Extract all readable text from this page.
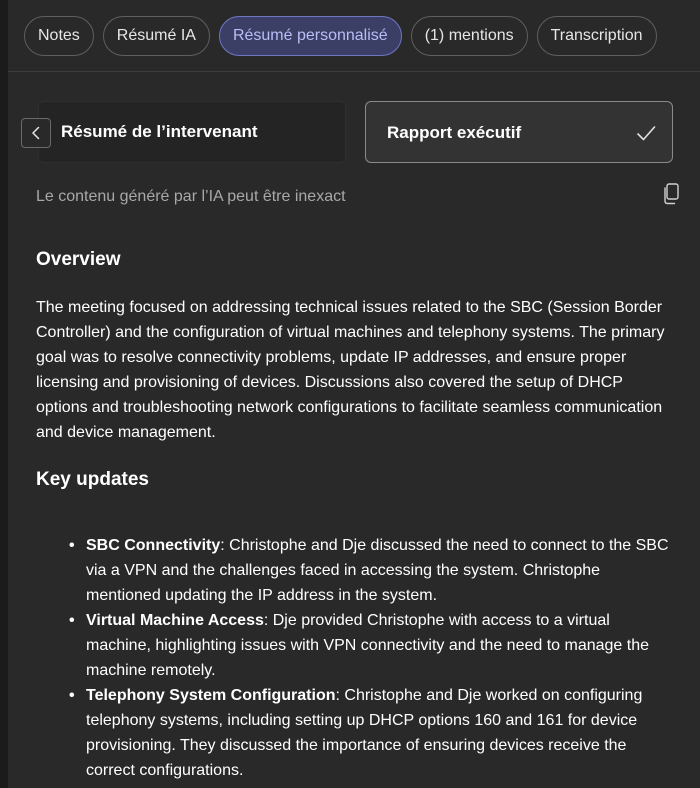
Notes	Résumé IA	Résumé personnalisé	(1) mentions	Transcription
Résumé de l’intervenant	Rapport exécutif
Le contenu généré par l’IA peut être inexact
Overview

The meeting focused on addressing technical issues related to the SBC (Session Border Controller) and the configuration of virtual machines and telephony systems. The primary goal was to resolve connectivity problems, update IP addresses, and ensure proper licensing and provisioning of devices. Discussions also covered the setup of DHCP options and troubleshooting network configurations to facilitate seamless communication and device management.

Key updates
• SBC Connectivity: Christophe and Dje discussed the need to connect to the SBC via a VPN and the challenges faced in accessing the system. Christophe mentioned updating the IP address in the system.
• Virtual Machine Access: Dje provided Christophe with access to a virtual machine, highlighting issues with VPN connectivity and the need to manage the machine remotely.
• Telephony System Configuration: Christophe and Dje worked on configuring telephony systems, including setting up DHCP options 160 and 161 for device provisioning. They discussed the importance of ensuring devices receive the correct configurations.
